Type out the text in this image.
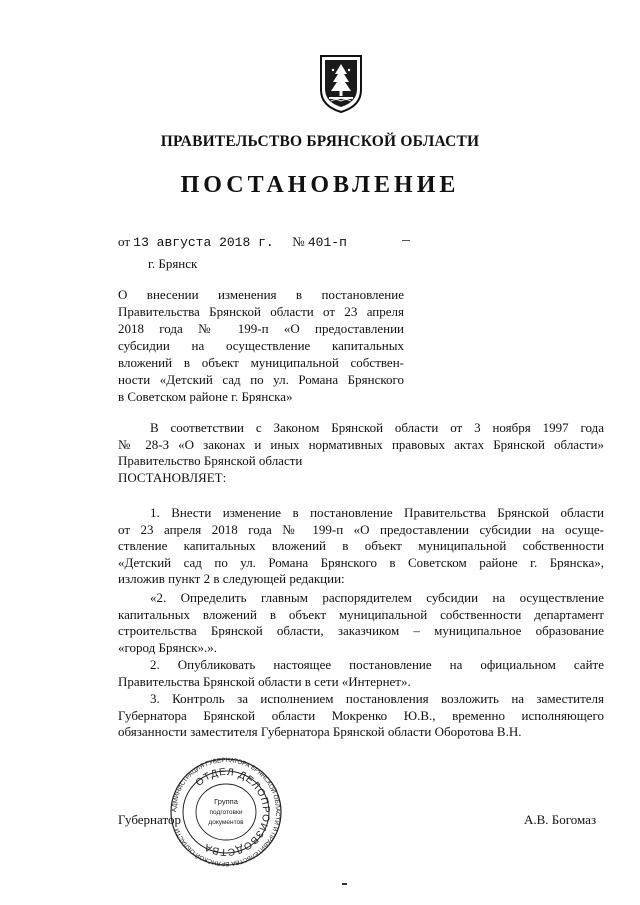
ПРАВИТЕЛЬСТВО БРЯНСКОЙ ОБЛАСТИ
ПОСТАНОВЛЕНИЕ
от 13 августа 2018 г. № 401-п
г. Брянск
О внесении изменения в постановление
Правительства Брянской области от 23 апреля
2018 года № 199-п «О предоставлении
субсидии на осуществление капитальных
вложений в объект муниципальной собствен-
ности «Детский сад по ул. Романа Брянского
в Советском районе г. Брянска»
В соответствии с Законом Брянской области от 3 ноября 1997 года
№ 28-З «О законах и иных нормативных правовых актах Брянской области»
Правительство Брянской области
ПОСТАНОВЛЯЕТ:
1. Внести изменение в постановление Правительства Брянской области
от 23 апреля 2018 года № 199-п «О предоставлении субсидии на осуще-
ствление капитальных вложений в объект муниципальной собственности
«Детский сад по ул. Романа Брянского в Советском районе г. Брянска»,
изложив пункт 2 в следующей редакции:
«2. Определить главным распорядителем субсидии на осуществление
капитальных вложений в объект муниципальной собственности департамент
строительства Брянской области, заказчиком – муниципальное образование
«город Брянск».».
2. Опубликовать настоящее постановление на официальном сайте
Правительства Брянской области в сети «Интернет».
3. Контроль за исполнением постановления возложить на заместителя
Губернатора Брянской области Мокренко Ю.В., временно исполняющего
обязанности заместителя Губернатора Брянской области Оборотова В.Н.
АДМИНИСТРАЦИЯ ГУБЕРНАТОРА БРЯНСКОЙ ОБЛАСТИ И ПРАВИТЕЛЬСТВА БРЯНСКОЙ ОБЛАСТИ
ОТДЕЛ ДЕЛОПРОИЗВОДСТВА
Группа
подготовки
документов
Губернатор	А.В. Богомаз
